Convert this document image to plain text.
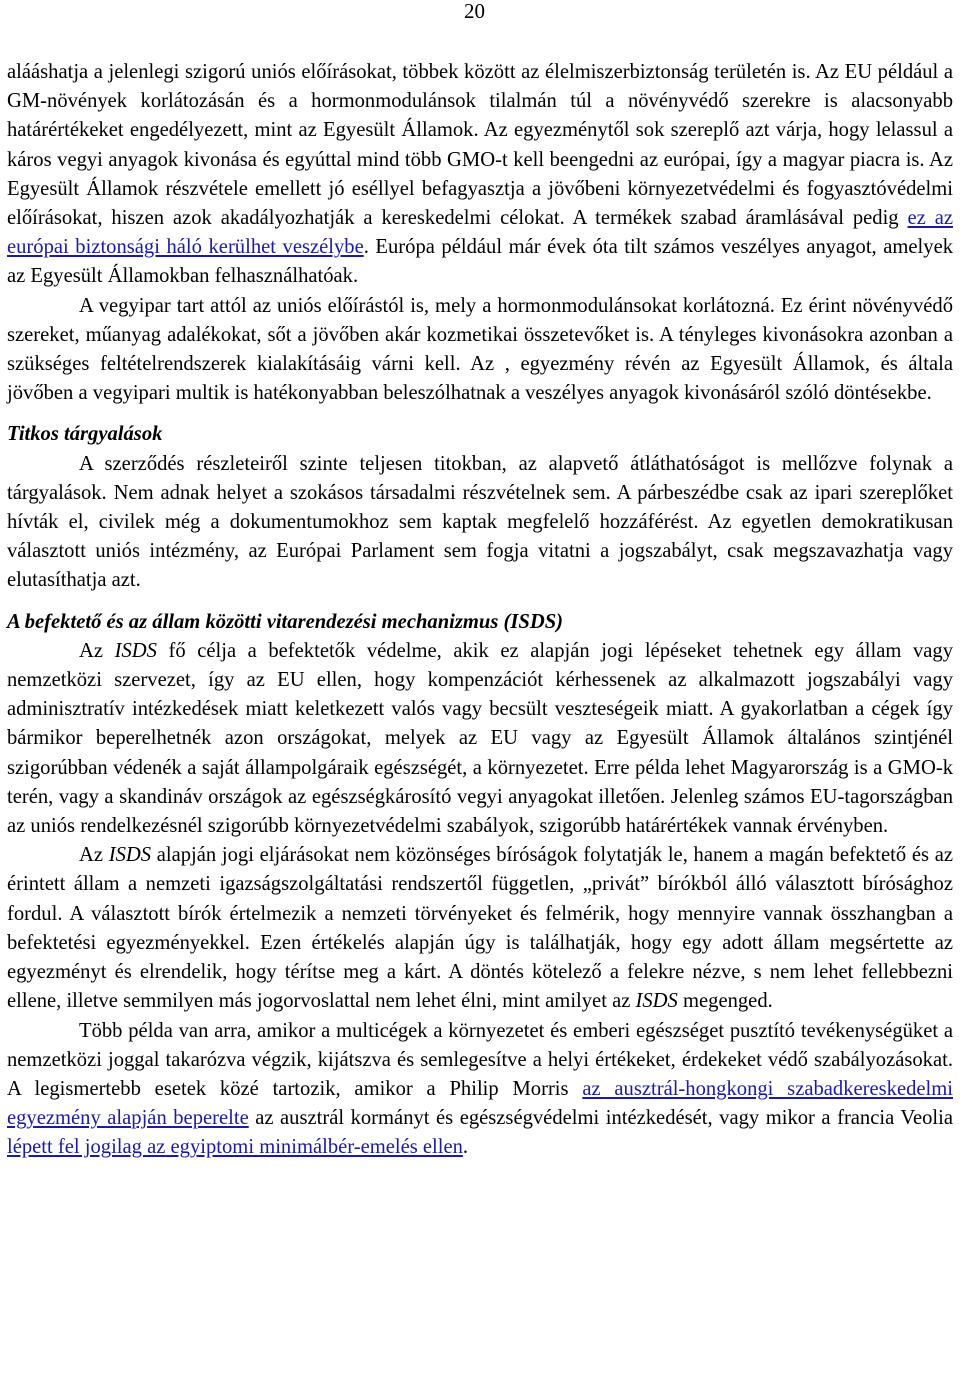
20

alááshatja a jelenlegi szigorú uniós előírásokat, többek között az élelmiszerbiztonság területén is. Az EU például a GM-növények korlátozásán és a hormonmodulánsok tilalmán túl a növényvédő szerekre is alacsonyabb határértékeket engedélyezett, mint az Egyesült Államok. Az egyezménytől sok szereplő azt várja, hogy lelassul a káros vegyi anyagok kivonása és egyúttal mind több GMO-t kell beengedni az európai, így a magyar piacra is. Az Egyesült Államok részvétele emellett jó eséllyel befagyasztja a jövőbeni környezetvédelmi és fogyasztóvédelmi előírásokat, hiszen azok akadályozhatják a kereskedelmi célokat. A termékek szabad áramlásával pedig ez az európai biztonsági háló kerülhet veszélybe. Európa például már évek óta tilt számos veszélyes anyagot, amelyek az Egyesült Államokban felhasználhatóak.

A vegyipar tart attól az uniós előírástól is, mely a hormonmodulánsokat korlátozná. Ez érint növényvédő szereket, műanyag adalékokat, sőt a jövőben akár kozmetikai összetevőket is. A tényleges kivonásokra azonban a szükséges feltételrendszerek kialakításáig várni kell. Az , egyezmény révén az Egyesült Államok, és általa jövőben a vegyipari multik is hatékonyabban beleszólhatnak a veszélyes anyagok kivonásáról szóló döntésekbe.

Titkos tárgyalások

A szerződés részleteiről szinte teljesen titokban, az alapvető átláthatóságot is mellőzve folynak a tárgyalások. Nem adnak helyet a szokásos társadalmi részvételnek sem. A párbeszédbe csak az ipari szereplőket hívták el, civilek még a dokumentumokhoz sem kaptak megfelelő hozzáférést. Az egyetlen demokratikusan választott uniós intézmény, az Európai Parlament sem fogja vitatni a jogszabályt, csak megszavazhatja vagy elutasíthatja azt.

A befektető és az állam közötti vitarendezési mechanizmus (ISDS)

Az ISDS fő célja a befektetők védelme, akik ez alapján jogi lépéseket tehetnek egy állam vagy nemzetközi szervezet, így az EU ellen, hogy kompenzációt kérhessenek az alkalmazott jogszabályi vagy adminisztratív intézkedések miatt keletkezett valós vagy becsült veszteségeik miatt. A gyakorlatban a cégek így bármikor beperelhetnék azon országokat, melyek az EU vagy az Egyesült Államok általános szintjénél szigorúbban védenék a saját állampolgáraik egészségét, a környezetet. Erre példa lehet Magyarország is a GMO-k terén, vagy a skandináv országok az egészségkárosító vegyi anyagokat illetően. Jelenleg számos EU-tagországban az uniós rendelkezésnél szigorúbb környezetvédelmi szabályok, szigorúbb határértékek vannak érvényben.

Az ISDS alapján jogi eljárásokat nem közönséges bíróságok folytatják le, hanem a magán befektető és az érintett állam a nemzeti igazságszolgáltatási rendszertől független, „privát” bírókból álló választott bírósághoz fordul. A választott bírók értelmezik a nemzeti törvényeket és felmérik, hogy mennyire vannak összhangban a befektetési egyezményekkel. Ezen értékelés alapján úgy is találhatják, hogy egy adott állam megsértette az egyezményt és elrendelik, hogy térítse meg a kárt. A döntés kötelező a felekre nézve, s nem lehet fellebbezni ellene, illetve semmilyen más jogorvoslattal nem lehet élni, mint amilyet az ISDS megenged.

Több példa van arra, amikor a multicégek a környezetet és emberi egészséget pusztító tevékenységüket a nemzetközi joggal takarózva végzik, kijátszva és semlegesítve a helyi értékeket, érdekeket védő szabályozásokat. A legismertebb esetek közé tartozik, amikor a Philip Morris az ausztrál-hongkongi szabadkereskedelmi egyezmény alapján beperelte az ausztrál kormányt és egészségvédelmi intézkedését, vagy mikor a francia Veolia lépett fel jogilag az egyiptomi minimálbér-emelés ellen.
